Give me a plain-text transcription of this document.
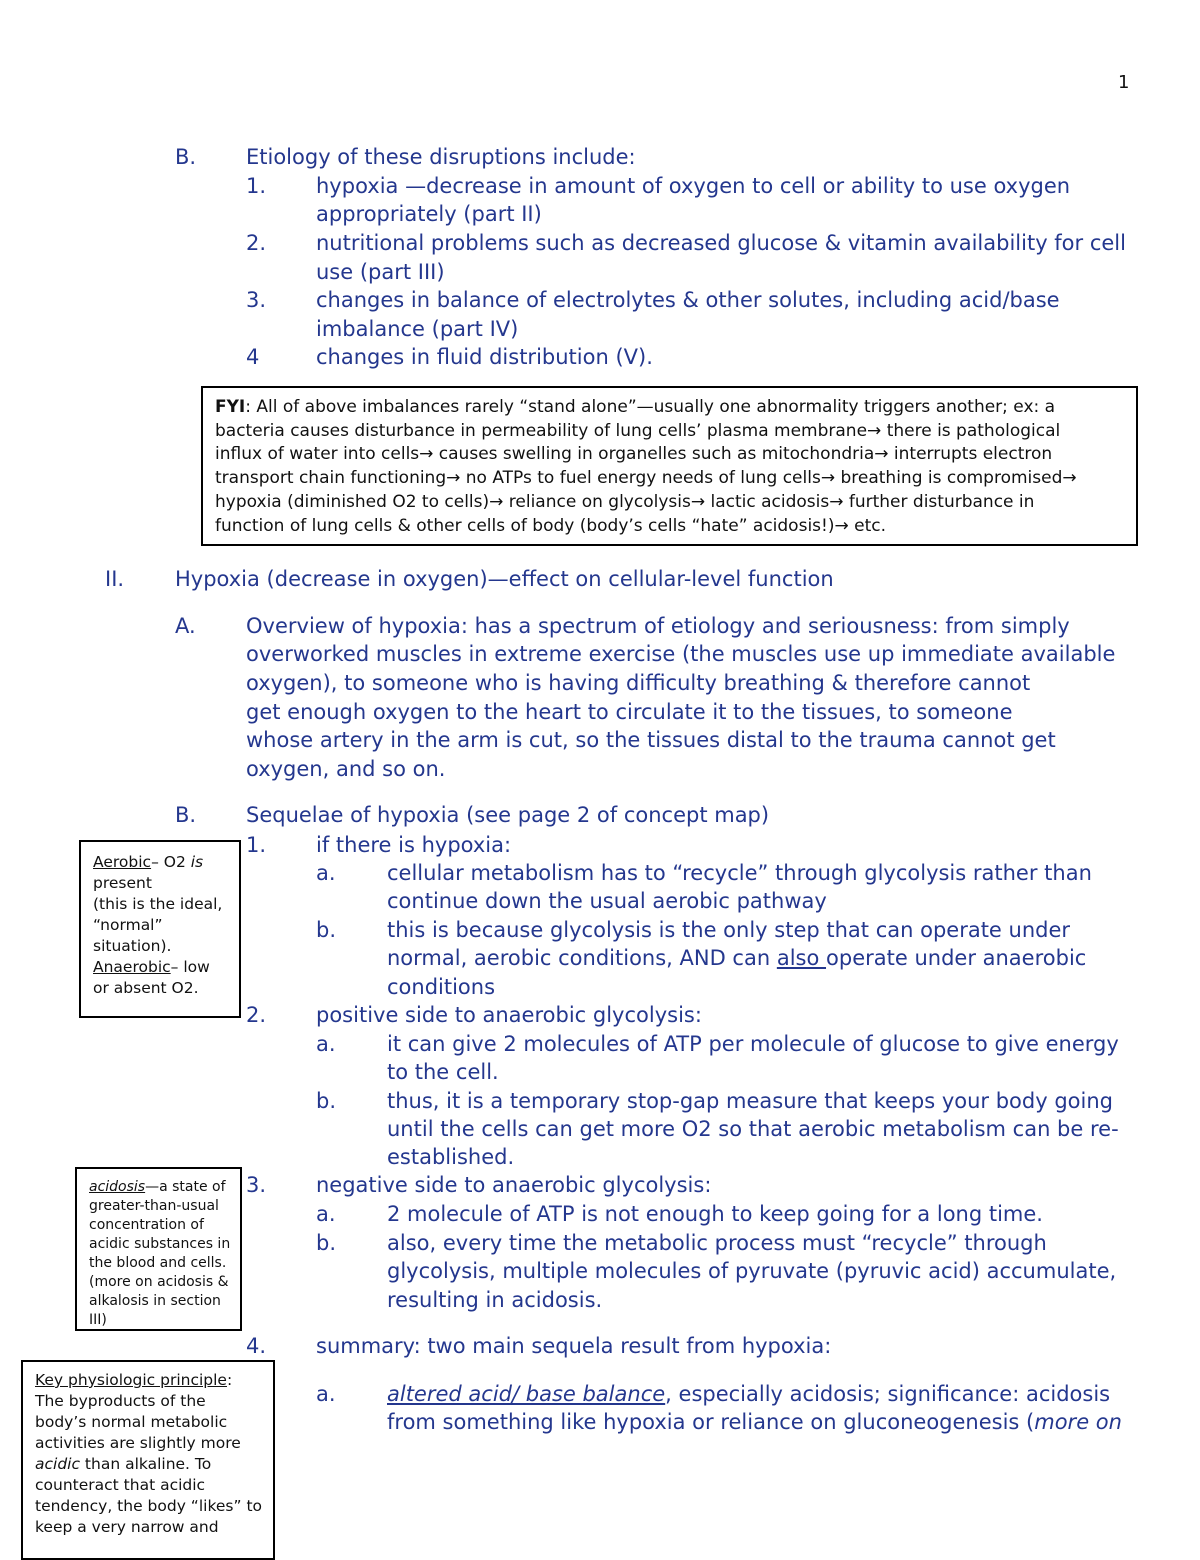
1
B. Etiology of these disruptions include:
1. hypoxia —decrease in amount of oxygen to cell or ability to use oxygen
appropriately (part II)
2. nutritional problems such as decreased glucose & vitamin availability for cell
use (part III)
3. changes in balance of electrolytes & other solutes, including acid/base
imbalance (part IV)
4	changes in fluid distribution (V).
FYI: All of above imbalances rarely “stand alone”—usually one abnormality triggers another; ex: a
bacteria causes disturbance in permeability of lung cells’ plasma membrane→ there is pathological
influx of water into cells→ causes swelling in organelles such as mitochondria→ interrupts electron
transport chain functioning→ no ATPs to fuel energy needs of lung cells→ breathing is compromised→
hypoxia (diminished O2 to cells)→ reliance on glycolysis→ lactic acidosis→ further disturbance in
function of lung cells & other cells of body (body’s cells “hate” acidosis!)→ etc.
II. Hypoxia (decrease in oxygen)—effect on cellular-level function
A. Overview of hypoxia: has a spectrum of etiology and seriousness: from simply
overworked muscles in extreme exercise (the muscles use up immediate available
oxygen), to someone who is having difficulty breathing & therefore cannot
get enough oxygen to the heart to circulate it to the tissues, to someone
whose artery in the arm is cut, so the tissues distal to the trauma cannot get
oxygen, and so on.
B. Sequelae of hypoxia (see page 2 of concept map)
1. if there is hypoxia:
a. cellular metabolism has to “recycle” through glycolysis rather than
continue down the usual aerobic pathway
b. this is because glycolysis is the only step that can operate under
normal, aerobic conditions, AND can also operate under anaerobic
conditions
2. positive side to anaerobic glycolysis:
a. it can give 2 molecules of ATP per molecule of glucose to give energy
to the cell.
b. thus, it is a temporary stop-gap measure that keeps your body going
until the cells can get more O2 so that aerobic metabolism can be re-
established.
3. negative side to anaerobic glycolysis:
a. 2 molecule of ATP is not enough to keep going for a long time.
b. also, every time the metabolic process must “recycle” through
glycolysis, multiple molecules of pyruvate (pyruvic acid) accumulate,
resulting in acidosis.
4. summary: two main sequela result from hypoxia:
a. altered acid/ base balance, especially acidosis; significance: acidosis
from something like hypoxia or reliance on gluconeogenesis (more on
Aerobic– O2 is
present
(this is the ideal,
“normal”
situation).
Anaerobic– low
or absent O2.
acidosis—a state of
greater-than-usual
concentration of
acidic substances in
the blood and cells.
(more on acidosis &
alkalosis in section
III)
Key physiologic principle:
The byproducts of the
body’s normal metabolic
activities are slightly more
acidic than alkaline. To
counteract that acidic
tendency, the body “likes” to
keep a very narrow and
